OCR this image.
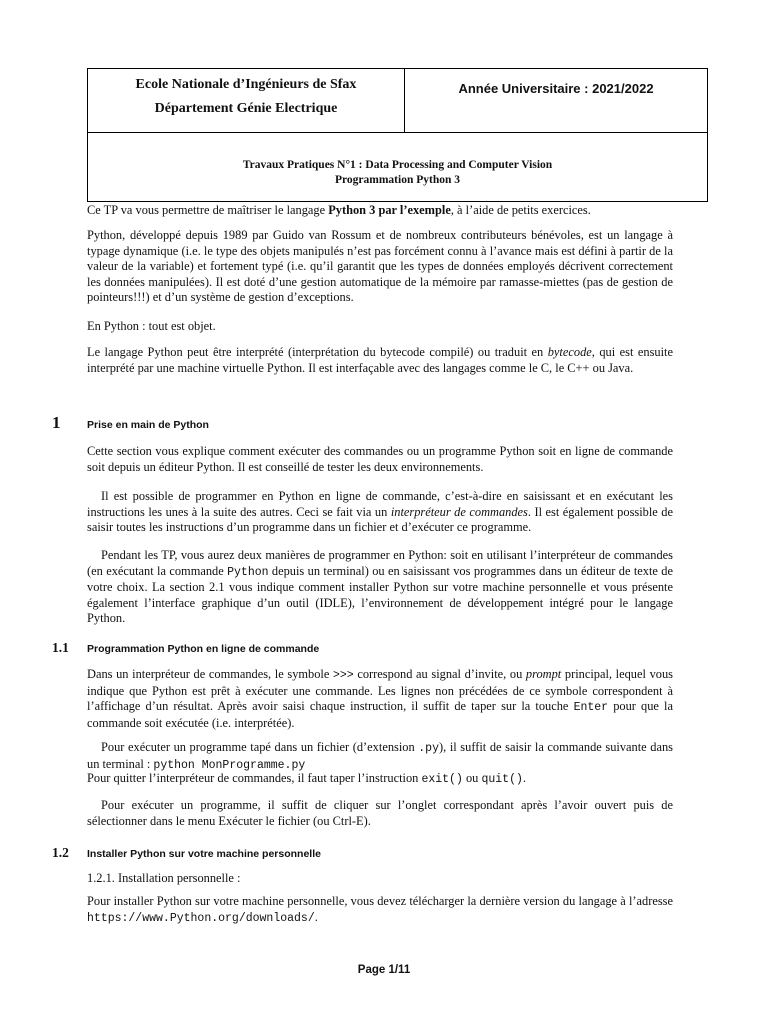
Ecole Nationale d’Ingénieurs de Sfax
Département Génie Electrique
Année Universitaire : 2021/2022
Travaux Pratiques N°1 : Data Processing and Computer Vision
Programmation Python 3

Ce TP va vous permettre de maîtriser le langage Python 3 par l’exemple, à l’aide de petits exercices.

Python, développé depuis 1989 par Guido van Rossum et de nombreux contributeurs bénévoles, est un langage à typage dynamique (i.e. le type des objets manipulés n’est pas forcément connu à l’avance mais est défini à partir de la valeur de la variable) et fortement typé (i.e. qu’il garantit que les types de données employés décrivent correctement les données manipulées). Il est doté d’une gestion automatique de la mémoire par ramasse-miettes (pas de gestion de pointeurs!!!) et d’un système de gestion d’exceptions.

En Python : tout est objet.

Le langage Python peut être interprété (interprétation du bytecode compilé) ou traduit en bytecode, qui est ensuite interprété par une machine virtuelle Python. Il est interfaçable avec des langages comme le C, le C++ ou Java.

1	Prise en main de Python

Cette section vous explique comment exécuter des commandes ou un programme Python soit en ligne de commande soit depuis un éditeur Python. Il est conseillé de tester les deux environnements.

Il est possible de programmer en Python en ligne de commande, c’est-à-dire en saisissant et en exécutant les instructions les unes à la suite des autres. Ceci se fait via un interpréteur de commandes. Il est également possible de saisir toutes les instructions d’un programme dans un fichier et d’exécuter ce programme.

Pendant les TP, vous aurez deux manières de programmer en Python: soit en utilisant l’interpréteur de commandes (en exécutant la commande Python depuis un terminal) ou en saisissant vos programmes dans un éditeur de texte de votre choix. La section 2.1 vous indique comment installer Python sur votre machine personnelle et vous présente également l’interface graphique d’un outil (IDLE), l’environnement de développement intégré pour le langage Python.

1.1 Programmation Python en ligne de commande

Dans un interpréteur de commandes, le symbole >>> correspond au signal d’invite, ou prompt principal, lequel vous indique que Python est prêt à exécuter une commande. Les lignes non précédées de ce symbole correspondent à l’affichage d’un résultat. Après avoir saisi chaque instruction, il suffit de taper sur la touche Enter pour que la commande soit exécutée (i.e. interprétée).

Pour exécuter un programme tapé dans un fichier (d’extension .py), il suffit de saisir la commande suivante dans un terminal : python MonProgramme.py

Pour quitter l’interpréteur de commandes, il faut taper l’instruction exit() ou quit().

Pour exécuter un programme, il suffit de cliquer sur l’onglet correspondant après l’avoir ouvert puis de sélectionner dans le menu Exécuter le fichier (ou Ctrl-E).

1.2 Installer Python sur votre machine personnelle

1.2.1. Installation personnelle :

Pour installer Python sur votre machine personnelle, vous devez télécharger la dernière version du langage à l’adresse https://www.Python.org/downloads/.

Page 1/11
